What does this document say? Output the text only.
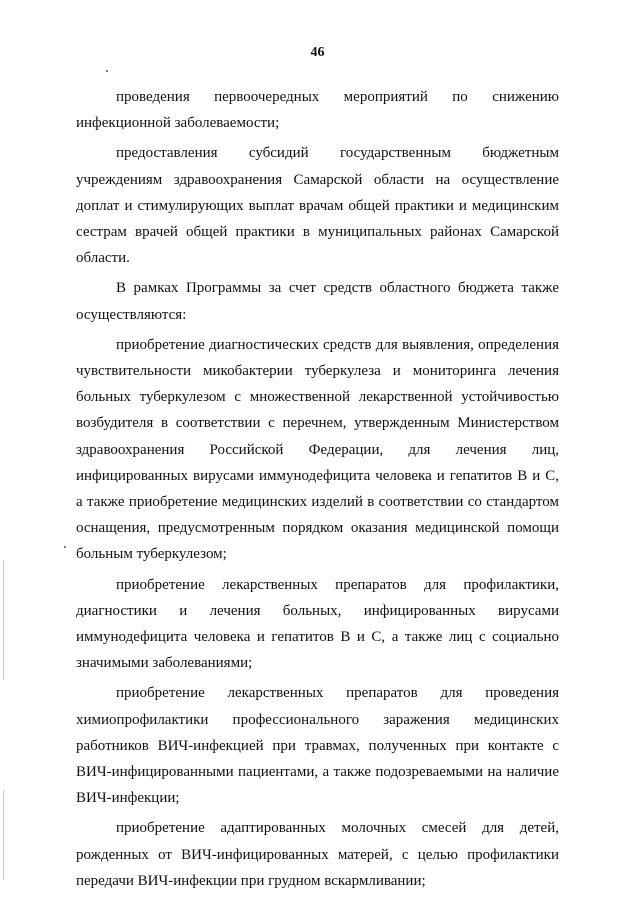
46

проведения первоочередных мероприятий по снижению инфекционной заболеваемости;

предоставления субсидий государственным бюджетным учреждениям здравоохранения Самарской области на осуществление доплат и стимулирующих выплат врачам общей практики и медицинским сестрам врачей общей практики в муниципальных районах Самарской области.

В рамках Программы за счет средств областного бюджета также осуществляются:

приобретение диагностических средств для выявления, определения чувствительности микобактерии туберкулеза и мониторинга лечения больных туберкулезом с множественной лекарственной устойчивостью возбудителя в соответствии с перечнем, утвержденным Министерством здравоохранения Российской Федерации, для лечения лиц, инфицированных вирусами иммунодефицита человека и гепатитов В и С, а также приобретение медицинских изделий в соответствии со стандартом оснащения, предусмотренным порядком оказания медицинской помощи больным туберкулезом;

приобретение лекарственных препаратов для профилактики, диагностики и лечения больных, инфицированных вирусами иммунодефицита человека и гепатитов В и С, а также лиц с социально значимыми заболеваниями;

приобретение лекарственных препаратов для проведения химиопрофилактики профессионального заражения медицинских работников ВИЧ-инфекцией при травмах, полученных при контакте с ВИЧ-инфицированными пациентами, а также подозреваемыми на наличие ВИЧ-инфекции;

приобретение адаптированных молочных смесей для детей, рожденных от ВИЧ-инфицированных матерей, с целью профилактики передачи ВИЧ-инфекции при грудном вскармливании;
